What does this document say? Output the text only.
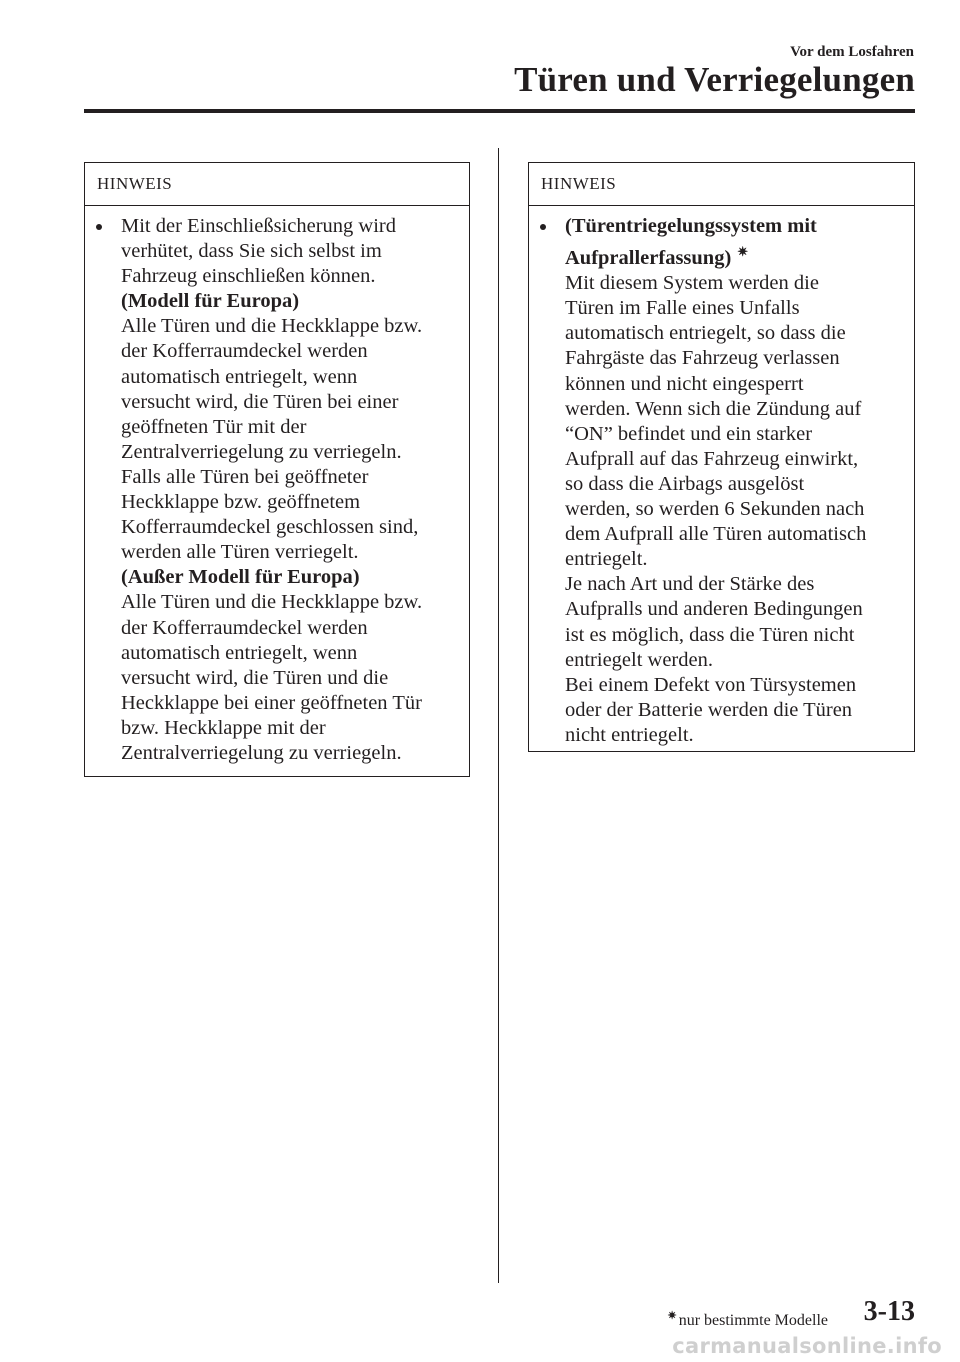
Vor dem Losfahren
Türen und Verriegelungen
HINWEIS
Mit der Einschließsicherung wird
verhütet, dass Sie sich selbst im
Fahrzeug einschließen können.
(Modell für Europa)
Alle Türen und die Heckklappe bzw.
der Kofferraumdeckel werden
automatisch entriegelt, wenn
versucht wird, die Türen bei einer
geöffneten Tür mit der
Zentralverriegelung zu verriegeln.
Falls alle Türen bei geöffneter
Heckklappe bzw. geöffnetem
Kofferraumdeckel geschlossen sind,
werden alle Türen verriegelt.
(Außer Modell für Europa)
Alle Türen und die Heckklappe bzw.
der Kofferraumdeckel werden
automatisch entriegelt, wenn
versucht wird, die Türen und die
Heckklappe bei einer geöffneten Tür
bzw. Heckklappe mit der
Zentralverriegelung zu verriegeln.
HINWEIS
(Türentriegelungssystem mit
Aufprallerfassung) ✷
Mit diesem System werden die
Türen im Falle eines Unfalls
automatisch entriegelt, so dass die
Fahrgäste das Fahrzeug verlassen
können und nicht eingesperrt
werden. Wenn sich die Zündung auf
“ON” befindet und ein starker
Aufprall auf das Fahrzeug einwirkt,
so dass die Airbags ausgelöst
werden, so werden 6 Sekunden nach
dem Aufprall alle Türen automatisch
entriegelt.
Je nach Art und der Stärke des
Aufpralls und anderen Bedingungen
ist es möglich, dass die Türen nicht
entriegelt werden.
Bei einem Defekt von Türsystemen
oder der Batterie werden die Türen
nicht entriegelt.
✷ nur bestimmte Modelle 3-13
carmanualsonline.info
